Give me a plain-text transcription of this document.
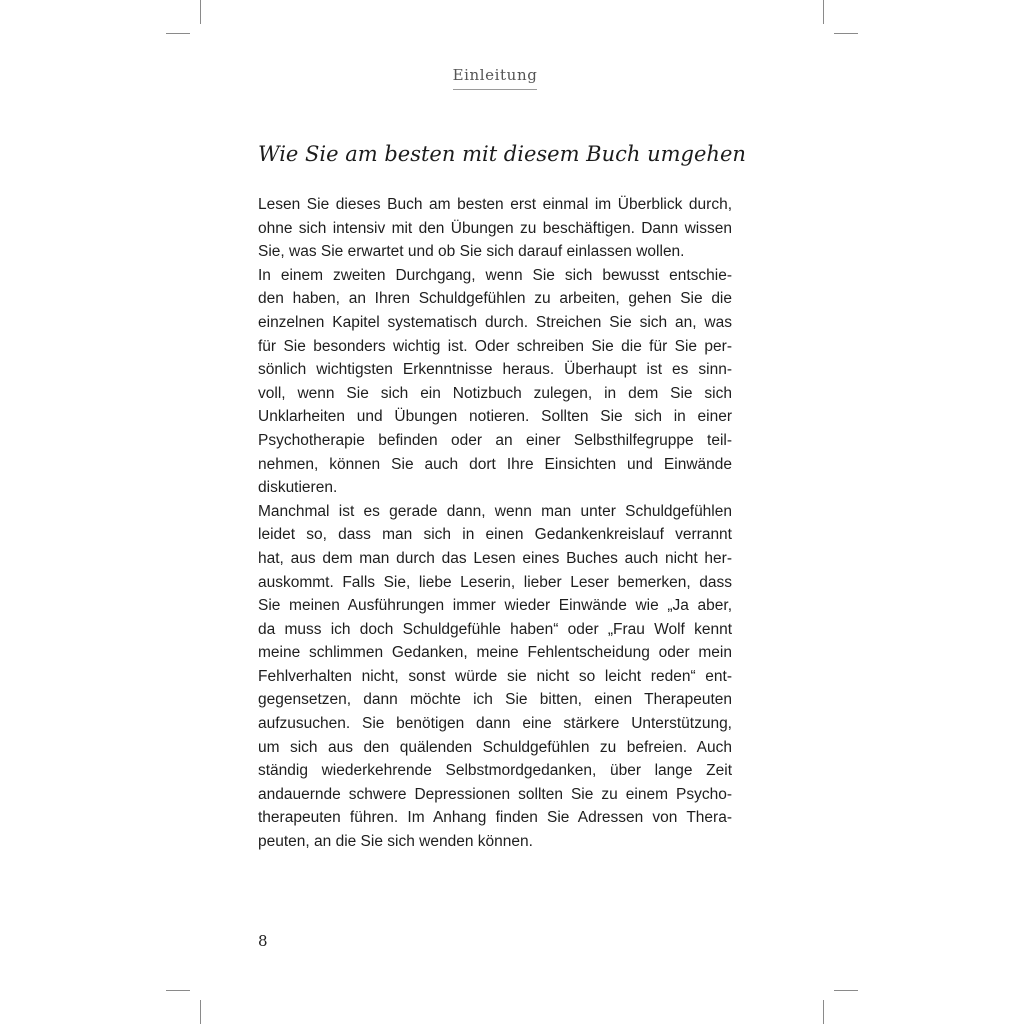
Einleitung
Wie Sie am besten mit diesem Buch umgehen
Lesen Sie dieses Buch am besten erst einmal im Überblick durch,
ohne sich intensiv mit den Übungen zu beschäftigen. Dann wissen
Sie, was Sie erwartet und ob Sie sich darauf einlassen wollen.
In einem zweiten Durchgang, wenn Sie sich bewusst entschie-
den haben, an Ihren Schuldgefühlen zu arbeiten, gehen Sie die
einzelnen Kapitel systematisch durch. Streichen Sie sich an, was
für Sie besonders wichtig ist. Oder schreiben Sie die für Sie per-
sönlich wichtigsten Erkenntnisse heraus. Überhaupt ist es sinn-
voll, wenn Sie sich ein Notizbuch zulegen, in dem Sie sich
Unklarheiten und Übungen notieren. Sollten Sie sich in einer
Psychotherapie befinden oder an einer Selbsthilfegruppe teil-
nehmen, können Sie auch dort Ihre Einsichten und Einwände
diskutieren.
Manchmal ist es gerade dann, wenn man unter Schuldgefühlen
leidet so, dass man sich in einen Gedankenkreislauf verrannt
hat, aus dem man durch das Lesen eines Buches auch nicht her-
auskommt. Falls Sie, liebe Leserin, lieber Leser bemerken, dass
Sie meinen Ausführungen immer wieder Einwände wie „Ja aber,
da muss ich doch Schuldgefühle haben“ oder „Frau Wolf kennt
meine schlimmen Gedanken, meine Fehlentscheidung oder mein
Fehlverhalten nicht, sonst würde sie nicht so leicht reden“ ent-
gegensetzen, dann möchte ich Sie bitten, einen Therapeuten
aufzusuchen. Sie benötigen dann eine stärkere Unterstützung,
um sich aus den quälenden Schuldgefühlen zu befreien. Auch
ständig wiederkehrende Selbstmordgedanken, über lange Zeit
andauernde schwere Depressionen sollten Sie zu einem Psycho-
therapeuten führen. Im Anhang finden Sie Adressen von Thera-
peuten, an die Sie sich wenden können.
8
